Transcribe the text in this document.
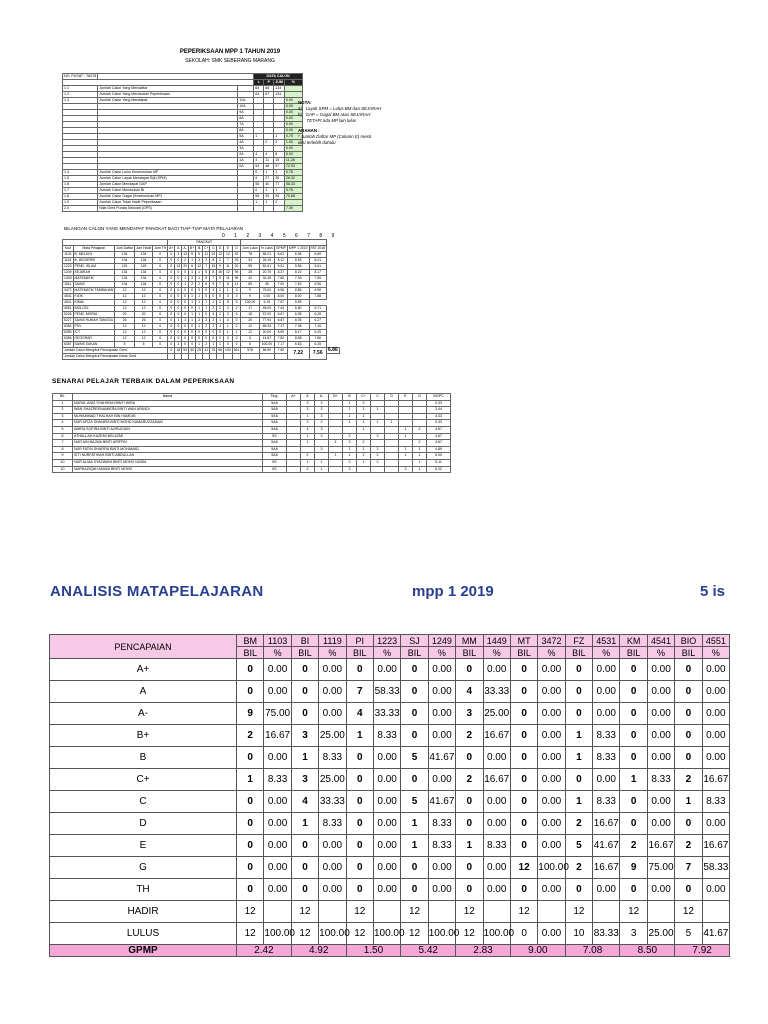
PEPERIKSAAN MPP 1 TAHUN 2019
SEKOLAH: SMK SEBERANG MARANG
NO. PUSAT : TA078			DATA CALON			
			L	P	JUM	%
1.1	Jumlah Calon Yang Mendaftar		64	68	134	
1.2	Jumlah Calon Yang Menduduki Peperiksaan		64	67	134	
1.3	Jumlah Calon Yang Mendapat	11A				0.00
		10A				0.00
		9A				0.00
		8A				0.00
		7A				0.00
		6A				0.00
		5A	1		1	0.75
		4A		2	2	1.50
		3A				0.00
		2A	4	4	8	6.02
		1A	4	11	15	11.28
		0A	54	48	97	72.93
1.4	Jumlah Calon Lulus Keseluruhan MP		0	1	1	0.75
1.5	Jumlah Calon Layak Mendapat Sijil (SPM)		9	27	35	26.32
1.6	Jumlah Calon Mendapat GAP		55	40	77	58.33
1.7	Jumlah Calon Menduduki BI		0	1	1	0.75
1.8	Jumlah Calon Gagal (Keseluruhan MP)		55	39	94	70.68
1.9	Jumlah Calon Tidak Hadir Peperiksaan		1	1	2	
2.0	Nilai Gred Purata Sekolah (GPS)					7.39
NOTA:
a)   Layak SPM = Lulus BM dan SEJARAH
b)   GAP = Gagal BM atau SEJARAH
TETAPI ada MP lain lulus
ARAHAN :
* Jumlah Daftar MP (Column E) mesti
diisi terlebih dahulu
BILANGAN CALON YANG MENDAPAT PANGKAT BAGI TIAP-TIAP MATA PELAJARAN
0 1 2 3 4 5 6 7 8 9
					PANGKAT															
Kod	Mata Pelajaran	Jum Daftar	Jum Hadir	Jum TH	A+	A	A-	B+	B	C+	C	D	E	G	Jum Lulus	% Lulus	GPMP	MPP 1 2019	PAT 2018	
1103	B. MELAYU	134	134	0	0	1	13	5	5	11	19	12	12	53	78	58.21	6.61	6.96	6.69	
1119	B. INGGERIS	134	134	0	0	0	2	1	3	3	8	2	7	25	34	26.15	8.12	8.53	8.21	
1223	PEND. ISLAM	115	115	0	0	13	20	6	12	7	15	9	11	20	95	82.61	5.01	5.56	5.61	
1249	SEJARAH	134	134	0	0	0	0	1	1	5	8	16	12	94	28	20.75	8.37	8.22	8.17	
1449	MATEMATIK	134	134	0	0	0	1	3	1	5	7	9	11	96	42	32.45	7.60	7.93	7.65	
1511	SAINS	134	134	0	0	0	1	2	2	6	9	7	8	11	69	45	7.00	7.63	6.96	
3472	MATEMATIK TAMBAHAN	12	12	0	0	0	0	0	3	0	3	2	1	3	9	75.00	6.96	6.86	6.96	
4531	FIZIK	12	12	0	0	0	0	1	1	0	0	5	3	3	9	0.00	8.00	8.00	7.88	
4541	KIMIA	12	12	0	0	0	0	1	1	1	1	2	5	5	100.00	5.19	7.67	5.55		
4551	BIOLOGI	12	12	0	0	0	0	0	1	1	2	2	2	2	17	48.05	7.44	6.80	5.71	
5226	PEND. MORAL	20	20	0	0	0	0	1	1	0	3	2	3	6	18	57.00	6.67	6.35	6.28	
5227	SAINS RUMAH TANGGA	26	26	0	0	1	1	1	3	3	3	1	4	0	26	77.94	6.87	6.06	6.27	
6354	PSV	12	12	0	0	0	0	0	1	2	2	1	1	2	12	85.33	7.17	7.08	7.16	
6355	ICT	12	12	0	0	0	0	0	0	0	0	0	1	1	12	20.00	8.90	8.17	6.25	
6356	GEOGRAFI	12	12	0	0	0	0	0	0	0	0	0	0	0	5	41.67	7.82	8.58	7.66	
6357	SAINS SUKAN	5	5	0	0	1	0	0	1	2	1	1	0	0	5	100.00	7.17	6.63	6.25	
Jumlah Calon Mengikut Pencapaian Gred					0	18	53	30	25	41	76	56	100	361	578	56.90	7.60	7.22	7.56	6.86
Jumlah Calon Mengikut Pencapaian Kelas Gred																				
SENARAI PELAJAR TERBAIK DALAM PEPERIKSAAN
Bil.	Nama	Ting.	A+	A	A-	B+	B	C+	C	D	E	G	NGPC
1	NURUL ANIS SYAHIRAH BINTI WIRA	5A6		3	3		1	2					3.33
2	WAN SHAZREENAMIERA BINTI WAN AFANDI	5A6		3	2		1	1	1				3.44
3	MUHAMMAD THALHAH BIN HAMDIN	5A6		1	3		2	2					4.33
4	NUR AFIZA SHAHIRA BINTI MOHD KAMARUZZAMAN	5A6		3	2		1	1	1	1			4.33
5	AMIRA SOFIRA BINTI AZIRUDDIN	5A6		4	3			1			1	2	4.67
6	ATHALLAH KAZEMI BIN AZMI	5S		1	2		2		2		1		4.67
7	NUR AIN NAJWA BINTI ARIFFIN	5A6		1		4	3	2				2	4.67
8	NUR FATIN SHAFIRA BINTI MOHAMAD	5A6			3		1	1	2		1	1	4.89
9	SITI NURFATIHAH BINTI ABDULLAH	5A6		2		1	1	2	2		1	1	5.00
10	NUR ALIAA SYAZWANI BINTI MOHD NIZAM	5S		1	1		2	1	2			1	5.11
10	NURHAZIQAH AMANI BINTI MOHD	5S		2	1		3				3	1	5.22
ANALISIS MATAPELAJARAN	mpp 1 2019	5 is
PENCAPAIAN	BM	1103	BI	1119	PI	1223	SJ	1249	MM	1449	MT	3472	FZ	4531	KM	4541	BIO	4551
	BIL	%	BIL	%	BIL	%	BIL	%	BIL	%	BIL	%	BIL	%	BIL	%	BIL	%
A+	0	0.00	0	0.00	0	0.00	0	0.00	0	0.00	0	0.00	0	0.00	0	0.00	0	0.00
A	0	0.00	0	0.00	7	58.33	0	0.00	4	33.33	0	0.00	0	0.00	0	0.00	0	0.00
A-	9	75.00	0	0.00	4	33.33	0	0.00	3	25.00	0	0.00	0	0.00	0	0.00	0	0.00
B+	2	16.67	3	25.00	1	8.33	0	0.00	2	16.67	0	0.00	1	8.33	0	0.00	0	0.00
B	0	0.00	1	8.33	0	0.00	5	41.67	0	0.00	0	0.00	1	8.33	0	0.00	0	0.00
C+	1	8.33	3	25.00	0	0.00	0	0.00	2	16.67	0	0.00	0	0.00	1	8.33	2	16.67
C	0	0.00	4	33.33	0	0.00	5	41.67	0	0.00	0	0.00	1	8.33	0	0.00	1	8.33
D	0	0.00	1	8.33	0	0.00	1	8.33	0	0.00	0	0.00	2	16.67	0	0.00	0	0.00
E	0	0.00	0	0.00	0	0.00	1	8.33	1	8.33	0	0.00	5	41.67	2	16.67	2	16.67
G	0	0.00	0	0.00	0	0.00	0	0.00	0	0.00	12	100.00	2	16.67	9	75.00	7	58.33
TH	0	0.00	0	0.00	0	0.00	0	0.00	0	0.00	0	0.00	0	0.00	0	0.00	0	0.00
HADIR	12		12		12		12		12		12		12		12		12	
LULUS	12	100.00	12	100.00	12	100.00	12	100.00	12	100.00	0	0.00	10	83.33	3	25.00	5	41.67
GPMP	2.42		4.92		1.50		5.42		2.83		9.00		7.08		8.50		7.92	
